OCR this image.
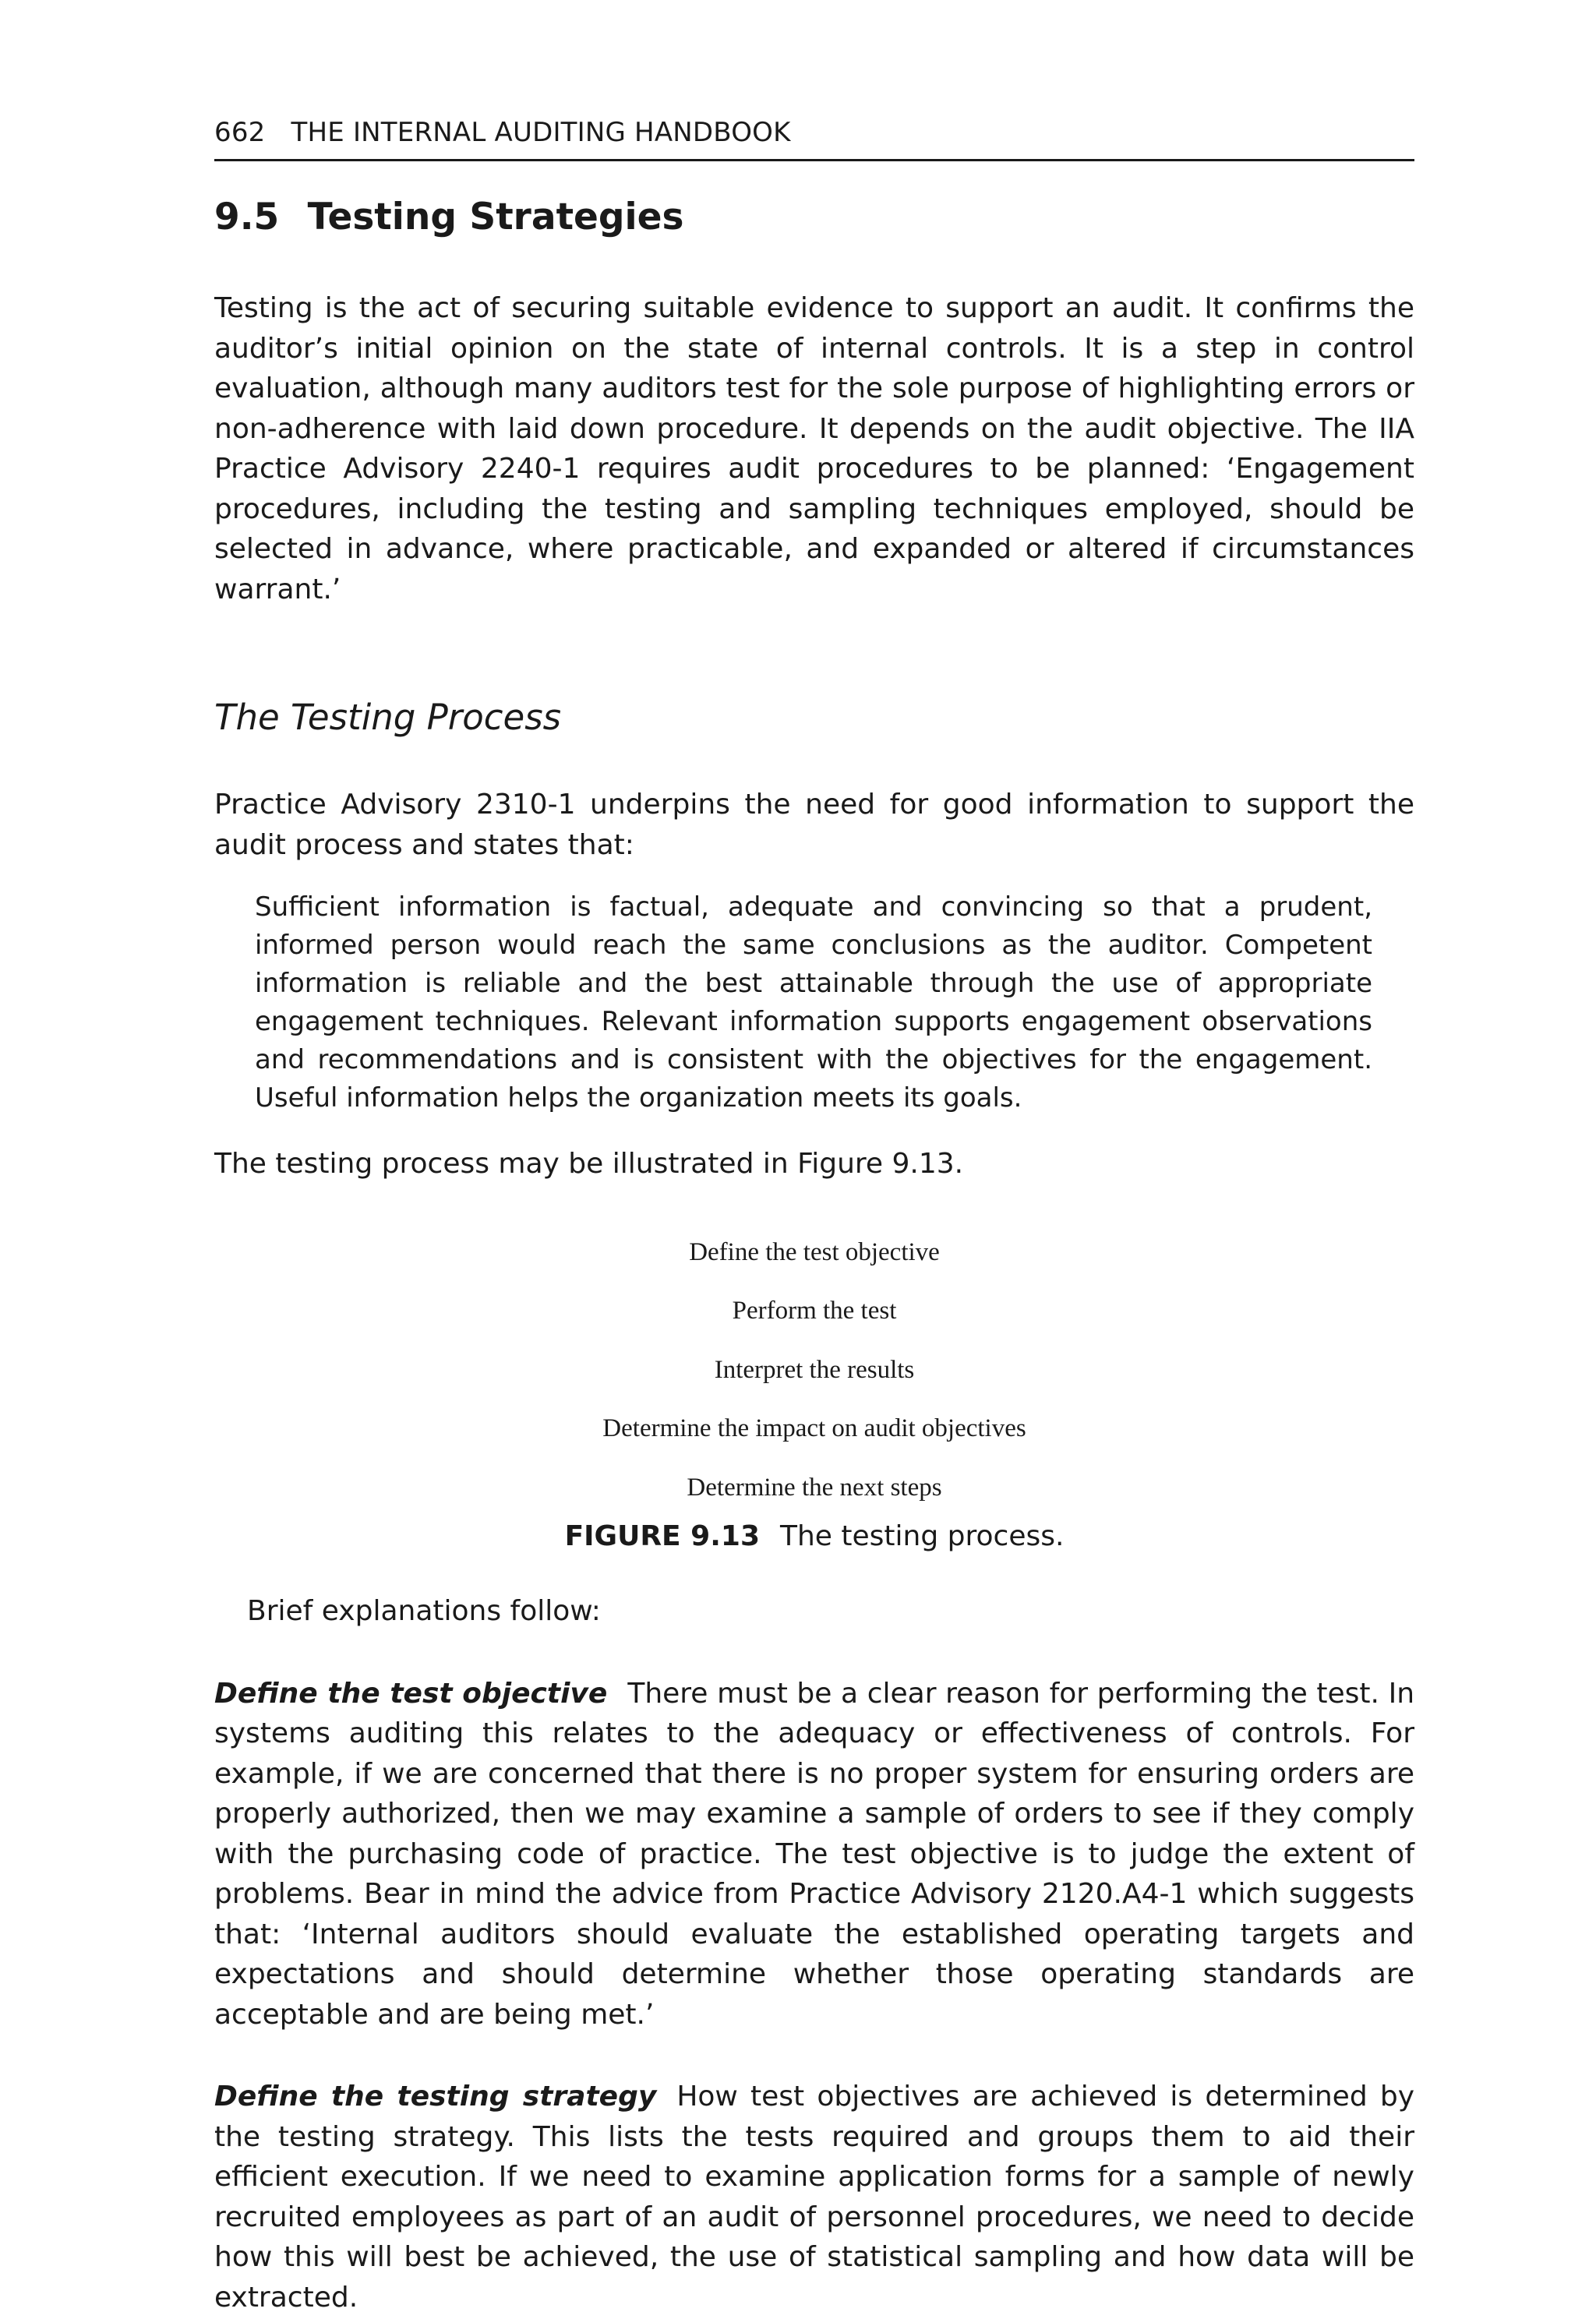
662 THE INTERNAL AUDITING HANDBOOK
9.5 Testing Strategies

Testing is the act of securing suitable evidence to support an audit. It confirms the auditor’s initial opinion on the state of internal controls. It is a step in control evaluation, although many auditors test for the sole purpose of highlighting errors or non-adherence with laid down procedure. It depends on the audit objective. The IIA Practice Advisory 2240-1 requires audit procedures to be planned: ‘Engagement procedures, including the testing and sampling techniques employed, should be selected in advance, where practicable, and expanded or altered if circumstances warrant.’

The Testing Process

Practice Advisory 2310-1 underpins the need for good information to support the audit process and states that:

Sufficient information is factual, adequate and convincing so that a prudent, informed person would reach the same conclusions as the auditor. Competent information is reliable and the best attainable through the use of appropriate engagement techniques. Relevant information supports engagement observations and recommendations and is consistent with the objectives for the engagement. Useful information helps the organization meets its goals.

The testing process may be illustrated in Figure 9.13.

Define the test objective
Perform the test
Interpret the results
Determine the impact on audit objectives
Determine the next steps
FIGURE 9.13 The testing process.

Brief explanations follow:

Define the test objective There must be a clear reason for performing the test. In systems auditing this relates to the adequacy or effectiveness of controls. For example, if we are concerned that there is no proper system for ensuring orders are properly authorized, then we may examine a sample of orders to see if they comply with the purchasing code of practice. The test objective is to judge the extent of problems. Bear in mind the advice from Practice Advisory 2120.A4-1 which suggests that: ‘Internal auditors should evaluate the established operating targets and expectations and should determine whether those operating standards are acceptable and are being met.’

Define the testing strategy How test objectives are achieved is determined by the testing strategy. This lists the tests required and groups them to aid their efficient execution. If we need to examine application forms for a sample of newly recruited employees as part of an audit of personnel procedures, we need to decide how this will best be achieved, the use of statistical sampling and how data will be extracted.
